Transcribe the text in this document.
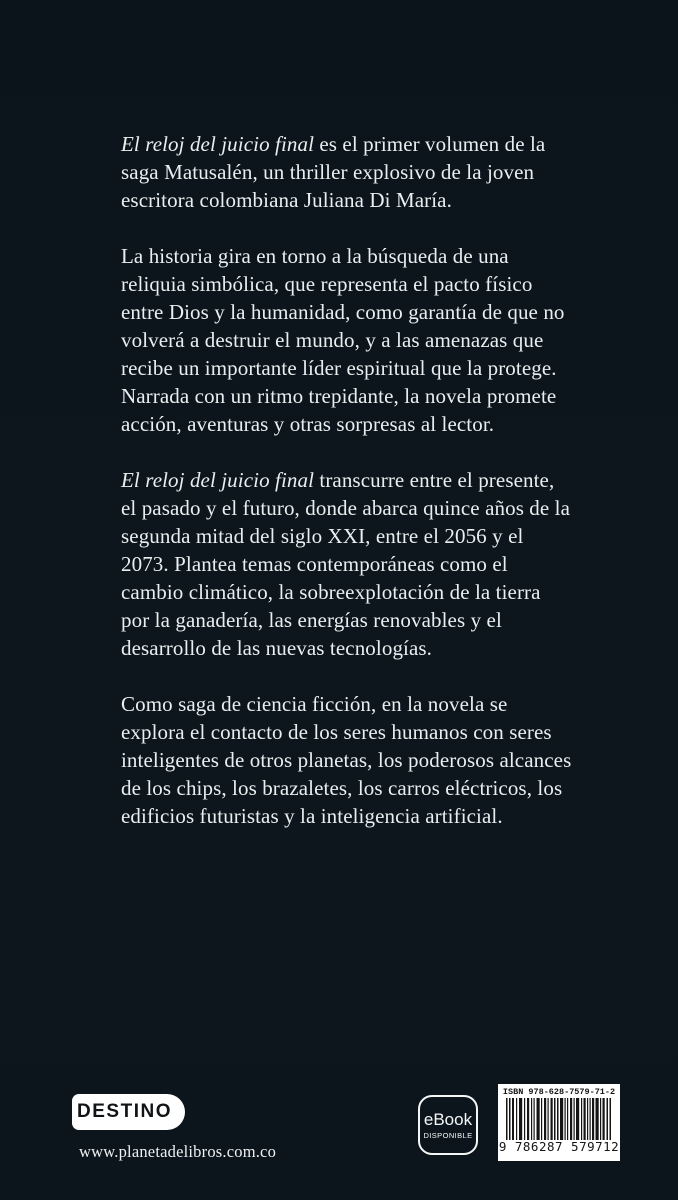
El reloj del juicio final es el primer volumen de la saga Matusalén, un thriller explosivo de la joven escritora colombiana Juliana Di María.

La historia gira en torno a la búsqueda de una reliquia simbólica, que representa el pacto físico entre Dios y la humanidad, como garantía de que no volverá a destruir el mundo, y a las amenazas que recibe un importante líder espiritual que la protege.

Narrada con un ritmo trepidante, la novela promete acción, aventuras y otras sorpresas al lector.

El reloj del juicio final transcurre entre el presente, el pasado y el futuro, donde abarca quince años de la segunda mitad del siglo XXI, entre el 2056 y el 2073. Plantea temas contemporáneas como el cambio climático, la sobreexplotación de la tierra por la ganadería, las energías renovables y el desarrollo de las nuevas tecnologías.

Como saga de ciencia ficción, en la novela se explora el contacto de los seres humanos con seres inteligentes de otros planetas, los poderosos alcances de los chips, los brazaletes, los carros eléctricos, los edificios futuristas y la inteligencia artificial.

DESTINO
www.planetadelibros.com.co
eBook
DISPONIBLE
ISBN 978-628-7579-71-2
9 786287 579712
